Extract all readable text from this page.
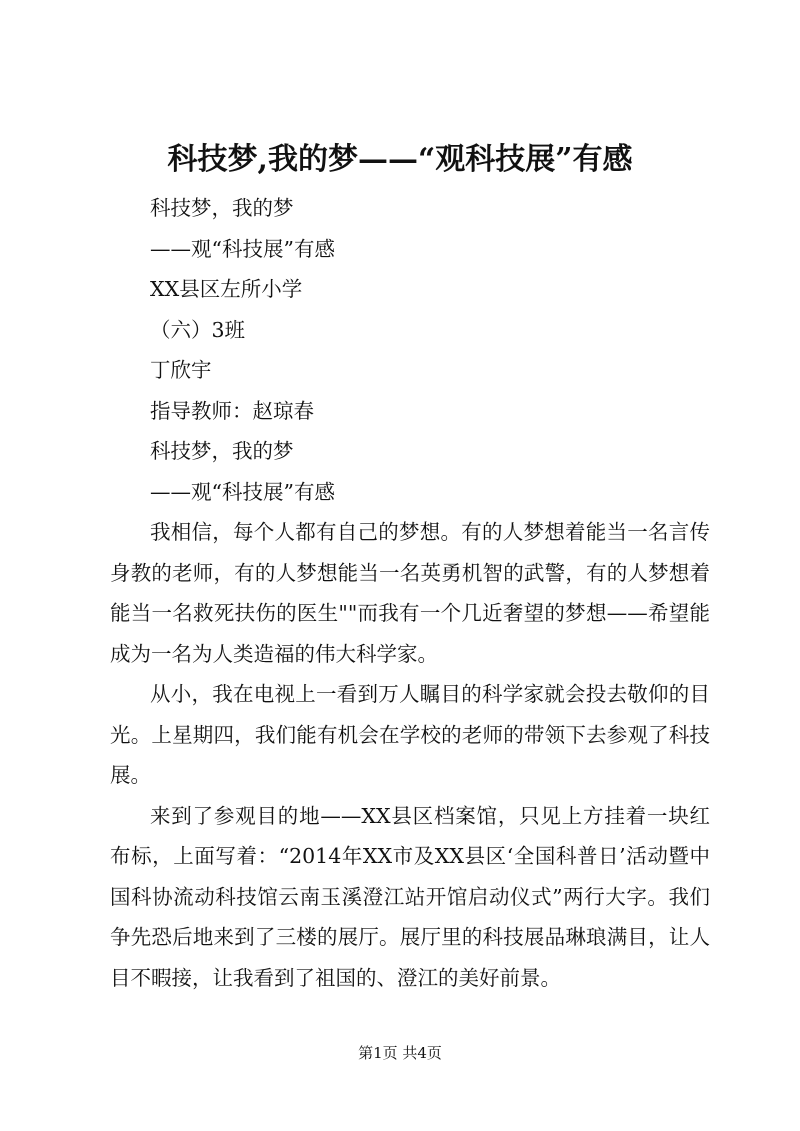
科技梦,我的梦——“观科技展”有感

科技梦，我的梦

——观“科技展”有感

XX县区左所小学

（六）3班

丁欣宇

指导教师：赵琼春

科技梦，我的梦

——观“科技展”有感

我相信，每个人都有自己的梦想。有的人梦想着能当一名言传身教的老师，有的人梦想能当一名英勇机智的武警，有的人梦想着能当一名救死扶伤的医生""而我有一个几近奢望的梦想——希望能成为一名为人类造福的伟大科学家。

从小，我在电视上一看到万人瞩目的科学家就会投去敬仰的目光。上星期四，我们能有机会在学校的老师的带领下去参观了科技展。

来到了参观目的地——XX县区档案馆，只见上方挂着一块红布标，上面写着：“2014年XX市及XX县区‘全国科普日’活动暨中国科协流动科技馆云南玉溪澄江站开馆启动仪式”两行大字。我们争先恐后地来到了三楼的展厅。展厅里的科技展品琳琅满目，让人目不暇接，让我看到了祖国的、澄江的美好前景。

第1页 共4页
